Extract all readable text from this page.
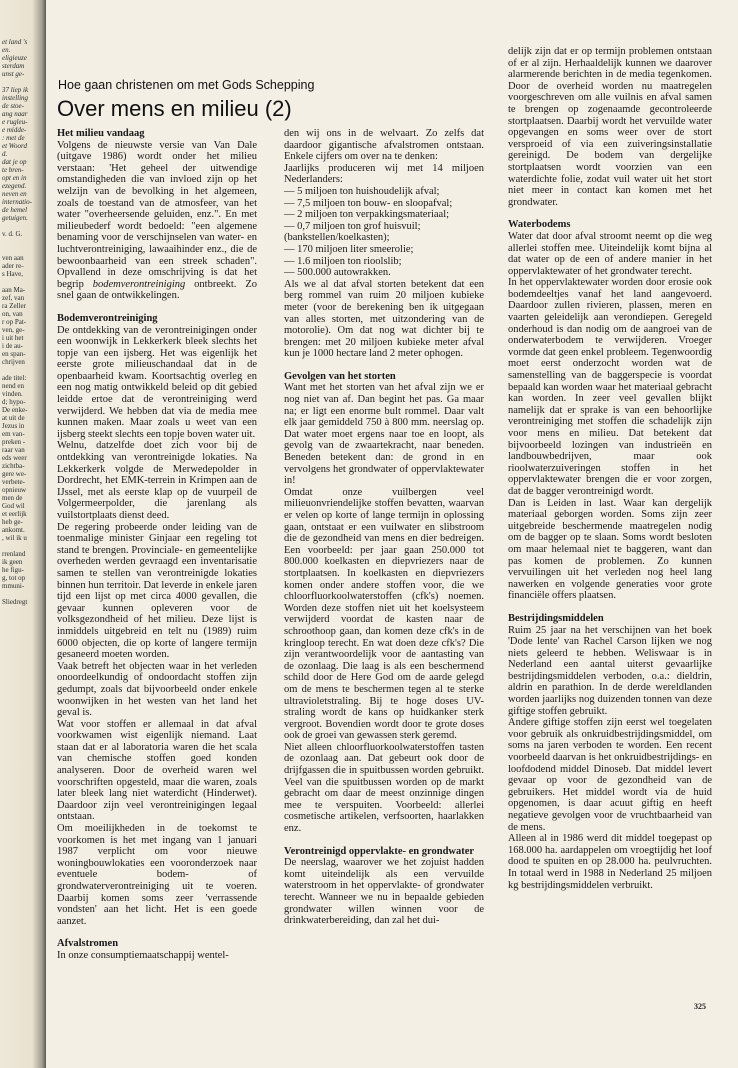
et land 's
en.
eligieuze
sterdam
unst ge-

37 liep ik
instelling
de stoe-
ang naar
e rugleu-
e midde-
: met de
et Woord
d.
dat je op
te bren-
opt en in
ezegend.
neven en
internatio-
de hemel
getuigen.

v. d. G.

ven aan
ader re-
s Have,

aan Ma-
zef, van
ra Zeller
on, van
r op Pat-
ven, ge-
i uit het
i de au-
en span-
chrijven

ade titel:
nend en
vinden.
d; hypo-
De enke-
at uit de
Jezus in
em van-
preken -
raar van
eds weer
zichtba-
gere we-
verbete-
opnieuw
men de
God wil
et eerlijk
heb ge-
ankomt.
, wil ik u

rrenland
ik geen
he figu-
g, tot op
mmuni-

Sliedregt
Hoe gaan christenen om met Gods Schepping
Over mens en milieu (2)
Het milieu vandaag

Volgens de nieuwste versie van Van Dale (uitgave 1986) wordt onder het milieu verstaan: 'Het geheel der uitwendige omstandigheden die van invloed zijn op het welzijn van de bevolking in het algemeen, zoals de toestand van de atmosfeer, van het water "overheersende geluiden, enz.". En met milieubederf wordt bedoeld: "een algemene benaming voor de verschijnselen van water- en luchtverontreiniging, lawaaihinder enz., die de bewoonbaarheid van een streek schaden". Opvallend in deze omschrijving is dat het begrip bodemverontreiniging ontbreekt. Zo snel gaan de ontwikkelingen.

Bodemverontreiniging

De ontdekking van de verontreinigingen onder een woonwijk in Lekkerkerk bleek slechts het topje van een ijsberg. Het was eigenlijk het eerste grote milieuschandaal dat in de openbaarheid kwam. Koortsachtig overleg en een nog matig ontwikkeld beleid op dit gebied leidde ertoe dat de verontreiniging werd verwijderd. We hebben dat via de media mee kunnen maken. Maar zoals u weet van een ijsberg steekt slechts een topje boven water uit.

Welnu, datzelfde doet zich voor bij de ontdekking van verontreinigde lokaties. Na Lekkerkerk volgde de Merwedepolder in Dordrecht, het EMK-terrein in Krimpen aan de IJssel, met als eerste klap op de vuurpeil de Volgermeerpolder, die jarenlang als vuilstortplaats dienst deed.

De regering probeerde onder leiding van de toenmalige minister Ginjaar een regeling tot stand te brengen. Provinciale- en gemeentelijke overheden werden gevraagd een inventarisatie samen te stellen van verontreinigde lokaties binnen hun territoir. Dat leverde in enkele jaren tijd een lijst op met circa 4000 gevallen, die gevaar kunnen opleveren voor de volksgezondheid of het milieu. Deze lijst is inmiddels uitgebreid en telt nu (1989) ruim 6000 objecten, die op korte of langere termijn gesaneerd moeten worden.

Vaak betreft het objecten waar in het verleden onoordeelkundig of ondoordacht stoffen zijn gedumpt, zoals dat bijvoorbeeld onder enkele woonwijken in het westen van het land het geval is.

Wat voor stoffen er allemaal in dat afval voorkwamen wist eigenlijk niemand. Laat staan dat er al laboratoria waren die het scala van chemische stoffen goed konden analyseren. Door de overheid waren wel voorschriften opgesteld, maar die waren, zoals later bleek lang niet waterdicht (Hinderwet). Daardoor zijn veel verontreinigingen legaal ontstaan.

Om moeilijkheden in de toekomst te voorkomen is het met ingang van 1 januari 1987 verplicht om voor nieuwe woningbouwlokaties een vooronderzoek naar eventuele bodem- of grondwaterverontreiniging uit te voeren. Daarbij komen soms zeer 'verrassende vondsten' aan het licht. Het is een goede aanzet.

Afvalstromen

In onze consumptiemaatschappij wentel-

den wij ons in de welvaart. Zo zelfs dat daardoor gigantische afvalstromen ontstaan. Enkele cijfers om over na te denken:

Jaarlijks produceren wij met 14 miljoen Nederlanders:

— 5 miljoen ton huishoudelijk afval;

— 7,5 miljoen ton bouw- en sloopafval;

— 2 miljoen ton verpakkingsmateriaal;

— 0,7 miljoen ton grof huisvuil; (bankstellen/koelkasten);

— 170 miljoen liter smeerolie;

— 1.6 miljoen ton rioolslib;

— 500.000 autowrakken.

Als we al dat afval storten betekent dat een berg rommel van ruim 20 miljoen kubieke meter (voor de berekening ben ik uitgegaan van alles storten, met uitzondering van de motorolie). Om dat nog wat dichter bij te brengen: met 20 miljoen kubieke meter afval kun je 1000 hectare land 2 meter ophogen.

Gevolgen van het storten

Want met het storten van het afval zijn we er nog niet van af. Dan begint het pas. Ga maar na; er ligt een enorme bult rommel. Daar valt elk jaar gemiddeld 750 à 800 mm. neerslag op. Dat water moet ergens naar toe en loopt, als gevolg van de zwaartekracht, naar beneden. Beneden betekent dan: de grond in en vervolgens het grondwater of oppervlaktewater in!

Omdat onze vuilbergen veel milieuonvriendelijke stoffen bevatten, waarvan er velen op korte of lange termijn in oplossing gaan, ontstaat er een vuilwater en slibstroom die de gezondheid van mens en dier bedreigen. Een voorbeeld: per jaar gaan 250.000 tot 800.000 koelkasten en diepvriezers naar de stortplaatsen. In koelkasten en diepvriezers komen onder andere stoffen voor, die we chloorfluorkoolwaterstoffen (cfk's) noemen. Worden deze stoffen niet uit het koelsysteem verwijderd voordat de kasten naar de schroothoop gaan, dan komen deze cfk's in de kringloop terecht. En wat doen deze cfk's? Die zijn verantwoordelijk voor de aantasting van de ozonlaag. Die laag is als een beschermend schild door de Here God om de aarde gelegd om de mens te beschermen tegen al te sterke ultravioletstraling. Bij te hoge doses UV-straling wordt de kans op huidkanker sterk vergroot. Bovendien wordt door te grote doses ook de groei van gewassen sterk geremd.

Niet alleen chloorfluorkoolwaterstoffen tasten de ozonlaag aan. Dat gebeurt ook door de drijfgassen die in spuitbussen worden gebruikt. Veel van die spuitbussen worden op de markt gebracht om daar de meest onzinnige dingen mee te verspuiten. Voorbeeld: allerlei cosmetische artikelen, verfsoorten, haarlakken enz.

Verontreinigd oppervlakte- en grondwater

De neerslag, waarover we het zojuist hadden komt uiteindelijk als een vervuilde waterstroom in het oppervlakte- of grondwater terecht. Wanneer we nu in bepaalde gebieden grondwater willen winnen voor de drinkwaterbereiding, dan zal het dui-

delijk zijn dat er op termijn problemen ontstaan of er al zijn. Herhaaldelijk kunnen we daarover alarmerende berichten in de media tegenkomen. Door de overheid worden nu maatregelen voorgeschreven om alle vuilnis en afval samen te brengen op zogenaamde gecontroleerde stortplaatsen. Daarbij wordt het vervuilde water opgevangen en soms weer over de stort versproeid of via een zuiveringsinstallatie gereinigd. De bodem van dergelijke stortplaatsen wordt voorzien van een waterdichte folie, zodat vuil water uit het stort niet meer in contact kan komen met het grondwater.

Waterbodems

Water dat door afval stroomt neemt op die weg allerlei stoffen mee. Uiteindelijk komt bijna al dat water op de een of andere manier in het oppervlaktewater of het grondwater terecht.

In het oppervlaktewater worden door erosie ook bodemdeeltjes vanaf het land aangevoerd. Daardoor zullen rivieren, plassen, meren en vaarten geleidelijk aan verondiepen. Geregeld onderhoud is dan nodig om de aangroei van de onderwaterbodem te verwijderen. Vroeger vormde dat geen enkel probleem. Tegenwoordig moet eerst onderzocht worden wat de samenstelling van de baggerspecie is voordat bepaald kan worden waar het materiaal gebracht kan worden. In zeer veel gevallen blijkt namelijk dat er sprake is van een behoorlijke verontreiniging met stoffen die schadelijk zijn voor mens en milieu. Dat betekent dat bijvoorbeeld lozingen van industrieën en landbouwbedrijven, maar ook rioolwaterzuiveringen stoffen in het oppervlaktewater brengen die er voor zorgen, dat de bagger verontreinigd wordt.

Dan is Leiden in last. Waar kan dergelijk materiaal geborgen worden. Soms zijn zeer uitgebreide beschermende maatregelen nodig om de bagger op te slaan. Soms wordt besloten om maar helemaal niet te baggeren, want dan pas komen de problemen. Zo kunnen vervuilingen uit het verleden nog heel lang nawerken en volgende generaties voor grote financiële offers plaatsen.

Bestrijdingsmiddelen

Ruim 25 jaar na het verschijnen van het boek 'Dode lente' van Rachel Carson lijken we nog niets geleerd te hebben. Weliswaar is in Nederland een aantal uiterst gevaarlijke bestrijdingsmiddelen verboden, o.a.: dieldrin, aldrin en parathion. In de derde wereldlanden worden jaarlijks nog duizenden tonnen van deze giftige stoffen gebruikt.

Andere giftige stoffen zijn eerst wel toegelaten voor gebruik als onkruidbestrijdingsmiddel, om soms na jaren verboden te worden. Een recent voorbeeld daarvan is het onkruidbestrijdings- en loofdodend middel Dinoseb. Dat middel levert gevaar op voor de gezondheid van de gebruikers. Het middel wordt via de huid opgenomen, is daar acuut giftig en heeft negatieve gevolgen voor de vruchtbaarheid van de mens.

Alleen al in 1986 werd dit middel toegepast op 168.000 ha. aardappelen om vroegtijdig het loof dood te spuiten en op 28.000 ha. peulvruchten. In totaal werd in 1988 in Nederland 25 miljoen kg bestrijdingsmiddelen verbruikt.

325
